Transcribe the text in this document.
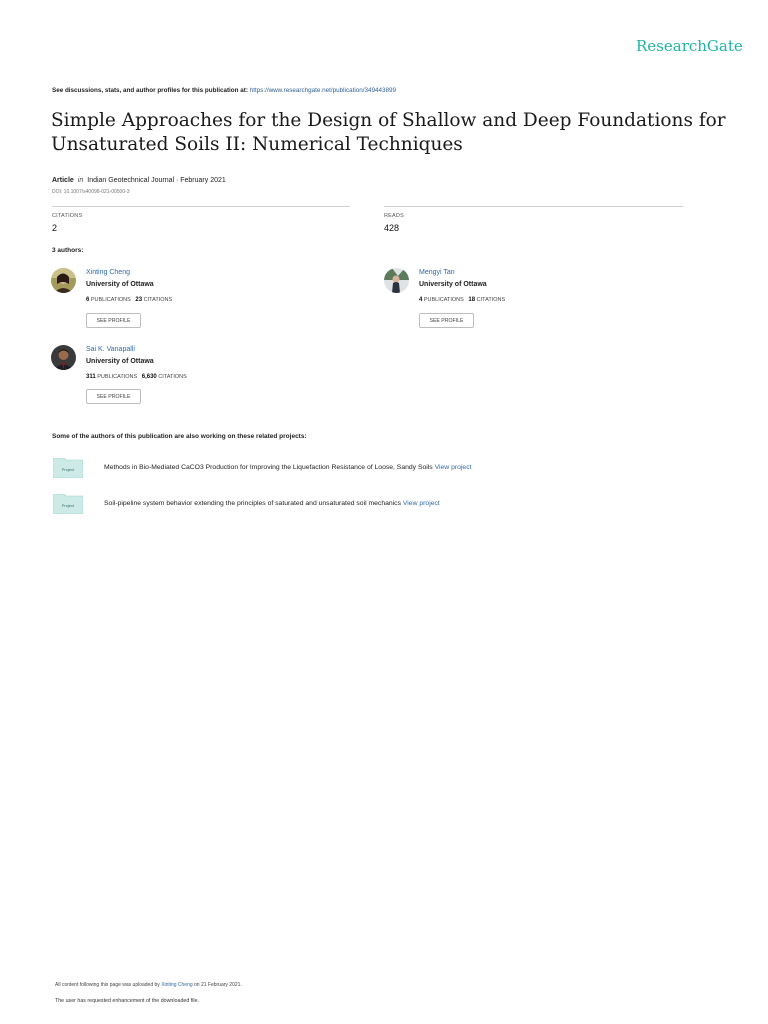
ResearchGate
See discussions, stats, and author profiles for this publication at: https://www.researchgate.net/publication/349443899
Simple Approaches for the Design of Shallow and Deep Foundations for Unsaturated Soils II: Numerical Techniques
Article in Indian Geotechnical Journal · February 2021
DOI: 10.1007/s40098-021-00500-3
CITATIONS
2
READS
428
3 authors:
Xinting Cheng
University of Ottawa
6 PUBLICATIONS 23 CITATIONS
SEE PROFILE
Mengyi Tan
University of Ottawa
4 PUBLICATIONS 18 CITATIONS
SEE PROFILE
Sai K. Vanapalli
University of Ottawa
311 PUBLICATIONS 6,630 CITATIONS
SEE PROFILE
Some of the authors of this publication are also working on these related projects:
Project	Methods in Bio-Mediated CaCO3 Production for Improving the Liquefaction Resistance of Loose, Sandy Soils View project
Project	Soil-pipeline system behavior extending the principles of saturated and unsaturated soil mechanics View project
All content following this page was uploaded by Xinting Cheng on 21 February 2021.
The user has requested enhancement of the downloaded file.
